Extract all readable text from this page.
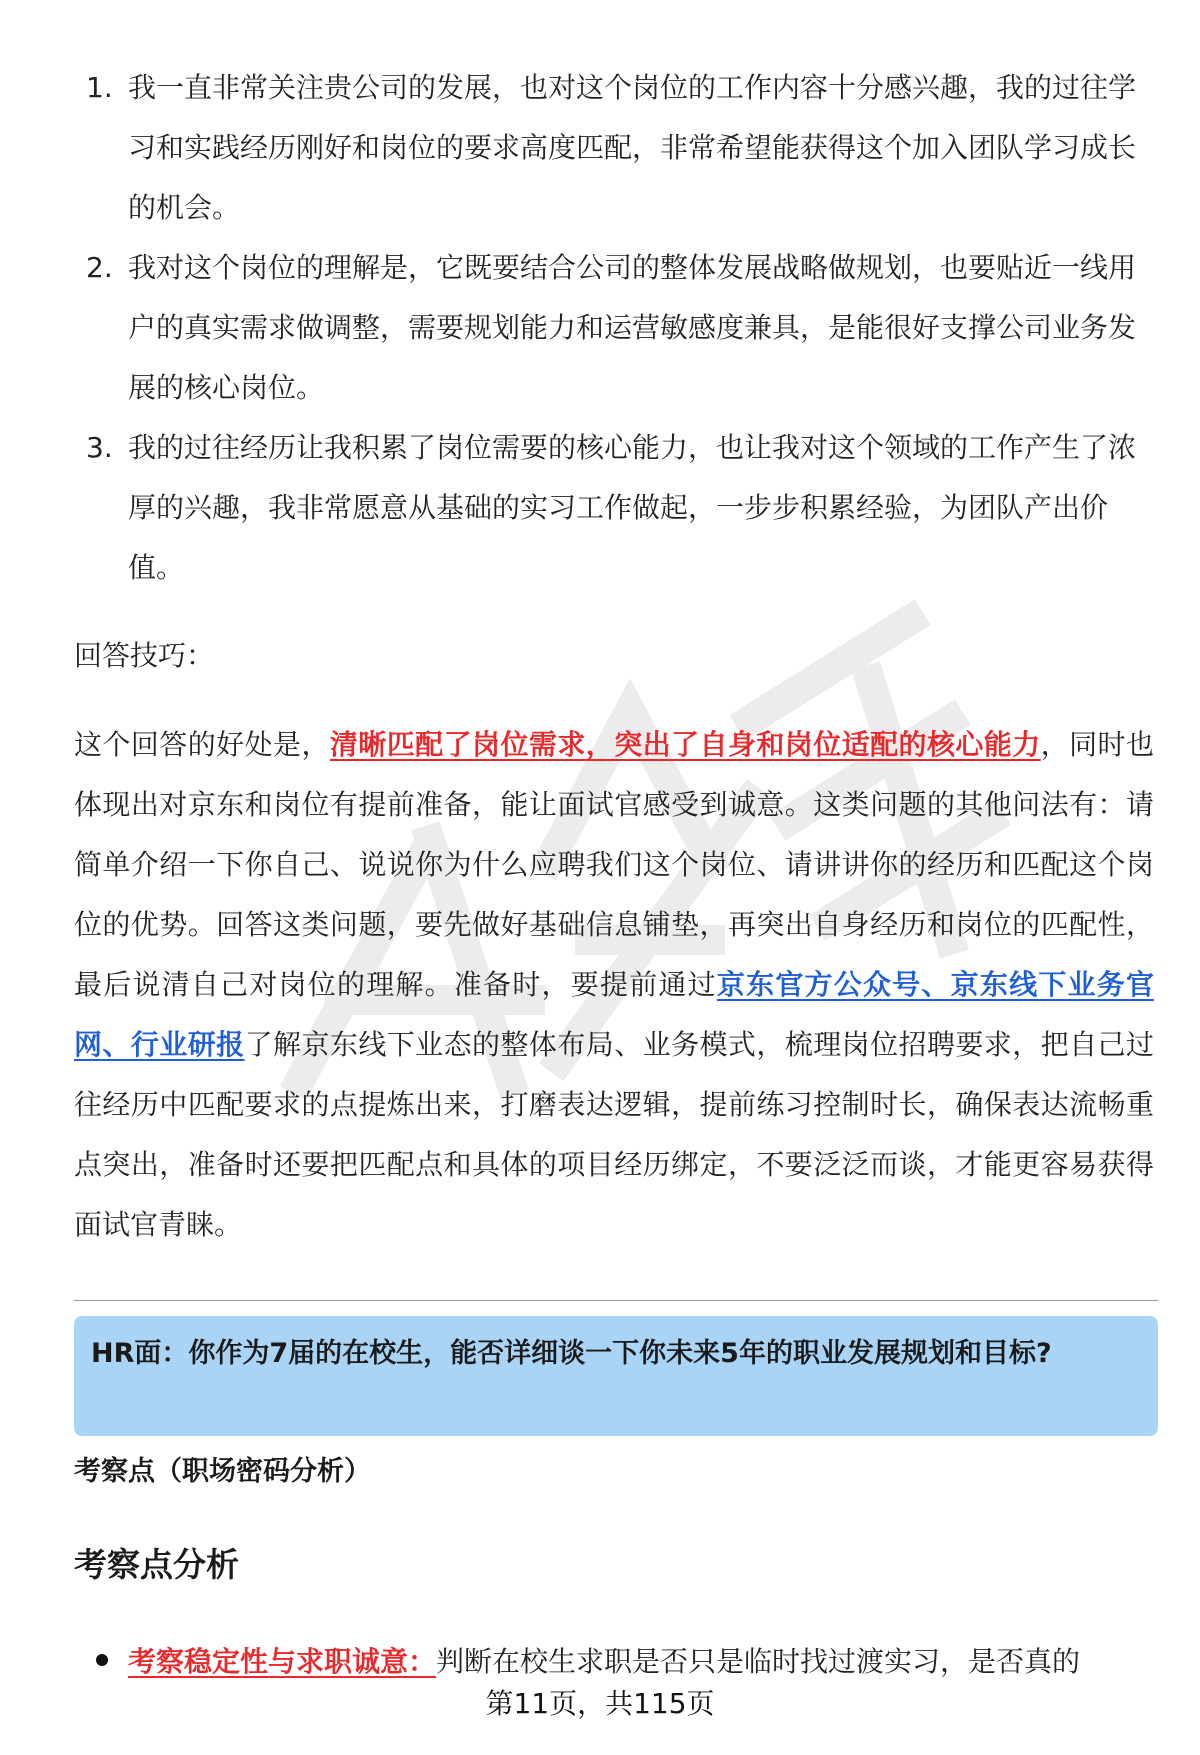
1. 我一直非常关注贵公司的发展，也对这个岗位的工作内容十分感兴趣，我的过往学习和实践经历刚好和岗位的要求高度匹配，非常希望能获得这个加入团队学习成长的机会。
2. 我对这个岗位的理解是，它既要结合公司的整体发展战略做规划，也要贴近一线用户的真实需求做调整，需要规划能力和运营敏感度兼具，是能很好支撑公司业务发展的核心岗位。
3. 我的过往经历让我积累了岗位需要的核心能力，也让我对这个领域的工作产生了浓厚的兴趣，我非常愿意从基础的实习工作做起，一步步积累经验，为团队产出价值。
回答技巧：
这个回答的好处是，清晰匹配了岗位需求，突出了自身和岗位适配的核心能力，同时也体现出对京东和岗位有提前准备，能让面试官感受到诚意。这类问题的其他问法有：请简单介绍一下你自己、说说你为什么应聘我们这个岗位、请讲讲你的经历和匹配这个岗位的优势。回答这类问题，要先做好基础信息铺垫，再突出自身经历和岗位的匹配性，最后说清自己对岗位的理解。准备时，要提前通过京东官方公众号、京东线下业务官网、行业研报了解京东线下业态的整体布局、业务模式，梳理岗位招聘要求，把自己过往经历中匹配要求的点提炼出来，打磨表达逻辑，提前练习控制时长，确保表达流畅重点突出，准备时还要把匹配点和具体的项目经历绑定，不要泛泛而谈，才能更容易获得面试官青睐。
HR面：你作为7届的在校生，能否详细谈一下你未来5年的职业发展规划和目标?
考察点（职场密码分析）
考察点分析
考察稳定性与求职诚意：判断在校生求职是否只是临时找过渡实习，是否真的
第11页，共115页
